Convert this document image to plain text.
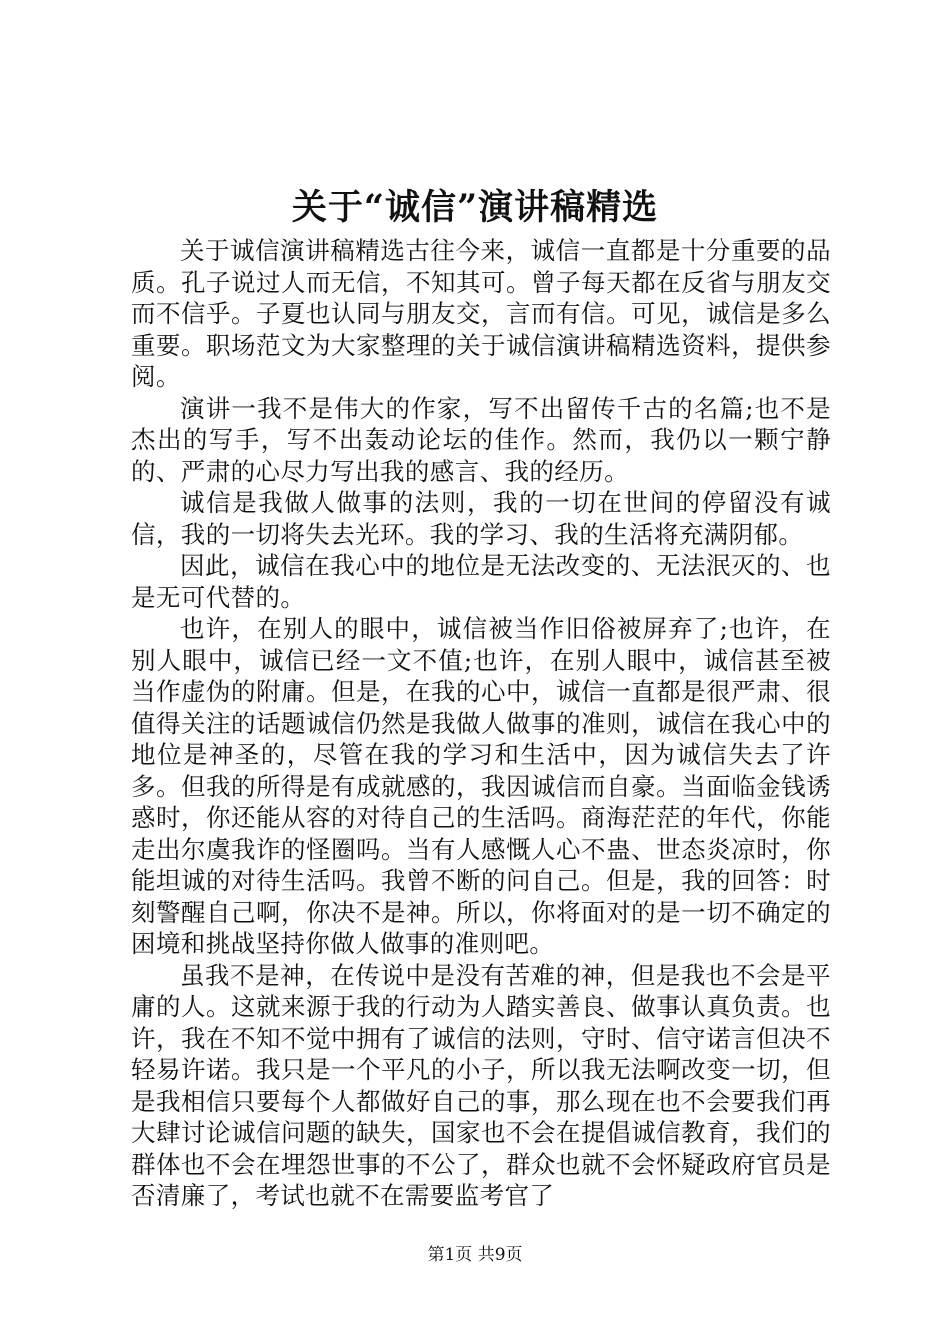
关于“诚信”演讲稿精选

关于诚信演讲稿精选古往今来，诚信一直都是十分重要的品质。孔子说过人而无信，不知其可。曾子每天都在反省与朋友交而不信乎。子夏也认同与朋友交，言而有信。可见，诚信是多么重要。职场范文为大家整理的关于诚信演讲稿精选资料，提供参阅。

演讲一我不是伟大的作家，写不出留传千古的名篇;也不是杰出的写手，写不出轰动论坛的佳作。然而，我仍以一颗宁静的、严肃的心尽力写出我的感言、我的经历。

诚信是我做人做事的法则，我的一切在世间的停留没有诚信，我的一切将失去光环。我的学习、我的生活将充满阴郁。

因此，诚信在我心中的地位是无法改变的、无法泯灭的、也是无可代替的。

也许，在别人的眼中，诚信被当作旧俗被屏弃了;也许，在别人眼中，诚信已经一文不值;也许，在别人眼中，诚信甚至被当作虚伪的附庸。但是，在我的心中，诚信一直都是很严肃、很值得关注的话题诚信仍然是我做人做事的准则，诚信在我心中的地位是神圣的，尽管在我的学习和生活中，因为诚信失去了许多。但我的所得是有成就感的，我因诚信而自豪。当面临金钱诱惑时，你还能从容的对待自己的生活吗。商海茫茫的年代，你能走出尔虞我诈的怪圈吗。当有人感慨人心不蛊、世态炎凉时，你能坦诚的对待生活吗。我曾不断的问自己。但是，我的回答：时刻警醒自己啊，你决不是神。所以，你将面对的是一切不确定的困境和挑战坚持你做人做事的准则吧。

虽我不是神，在传说中是没有苦难的神，但是我也不会是平庸的人。这就来源于我的行动为人踏实善良、做事认真负责。也许，我在不知不觉中拥有了诚信的法则，守时、信守诺言但决不轻易许诺。我只是一个平凡的小子，所以我无法啊改变一切，但是我相信只要每个人都做好自己的事，那么现在也不会要我们再大肆讨论诚信问题的缺失，国家也不会在提倡诚信教育，我们的群体也不会在埋怨世事的不公了，群众也就不会怀疑政府官员是否清廉了，考试也就不在需要监考官了

第1页 共9页
